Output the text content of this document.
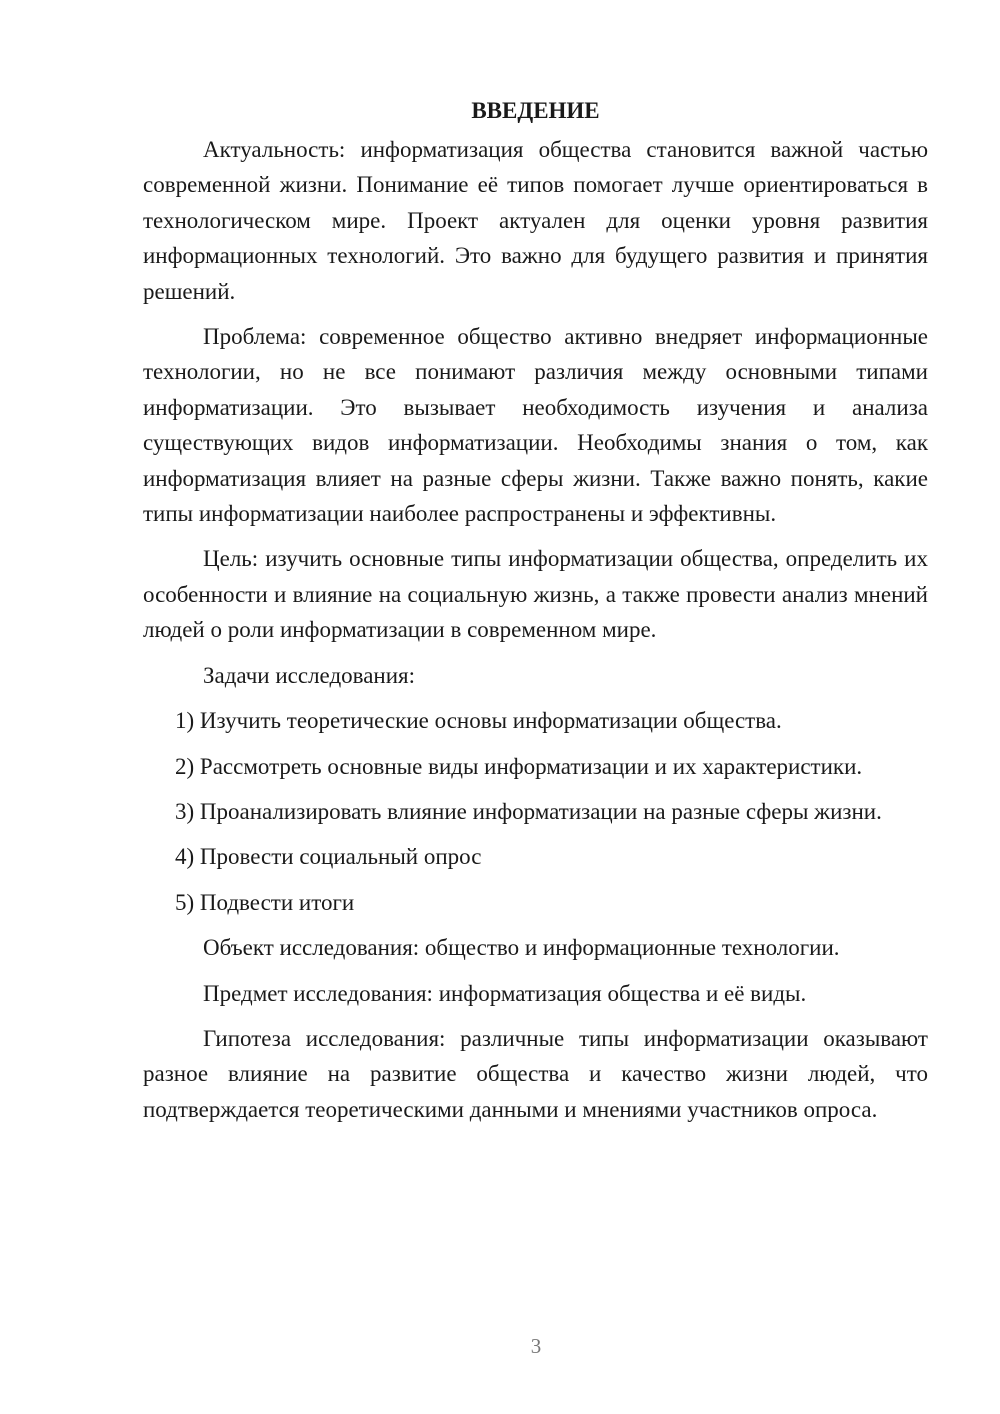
ВВЕДЕНИЕ

Актуальность: информатизация общества становится важной частью современной жизни. Понимание её типов помогает лучше ориентироваться в технологическом мире. Проект актуален для оценки уровня развития информационных технологий. Это важно для будущего развития и принятия решений.

Проблема: современное общество активно внедряет информационные технологии, но не все понимают различия между основными типами информатизации. Это вызывает необходимость изучения и анализа существующих видов информатизации. Необходимы знания о том, как информатизация влияет на разные сферы жизни. Также важно понять, какие типы информатизации наиболее распространены и эффективны.

Цель: изучить основные типы информатизации общества, определить их особенности и влияние на социальную жизнь, а также провести анализ мнений людей о роли информатизации в современном мире.

Задачи исследования:

1) Изучить теоретические основы информатизации общества.

2) Рассмотреть основные виды информатизации и их характеристики.

3) Проанализировать влияние информатизации на разные сферы жизни.

4) Провести социальный опрос

5) Подвести итоги

Объект исследования: общество и информационные технологии.

Предмет исследования: информатизация общества и её виды.

Гипотеза исследования: различные типы информатизации оказывают разное влияние на развитие общества и качество жизни людей, что подтверждается теоретическими данными и мнениями участников опроса.

3
